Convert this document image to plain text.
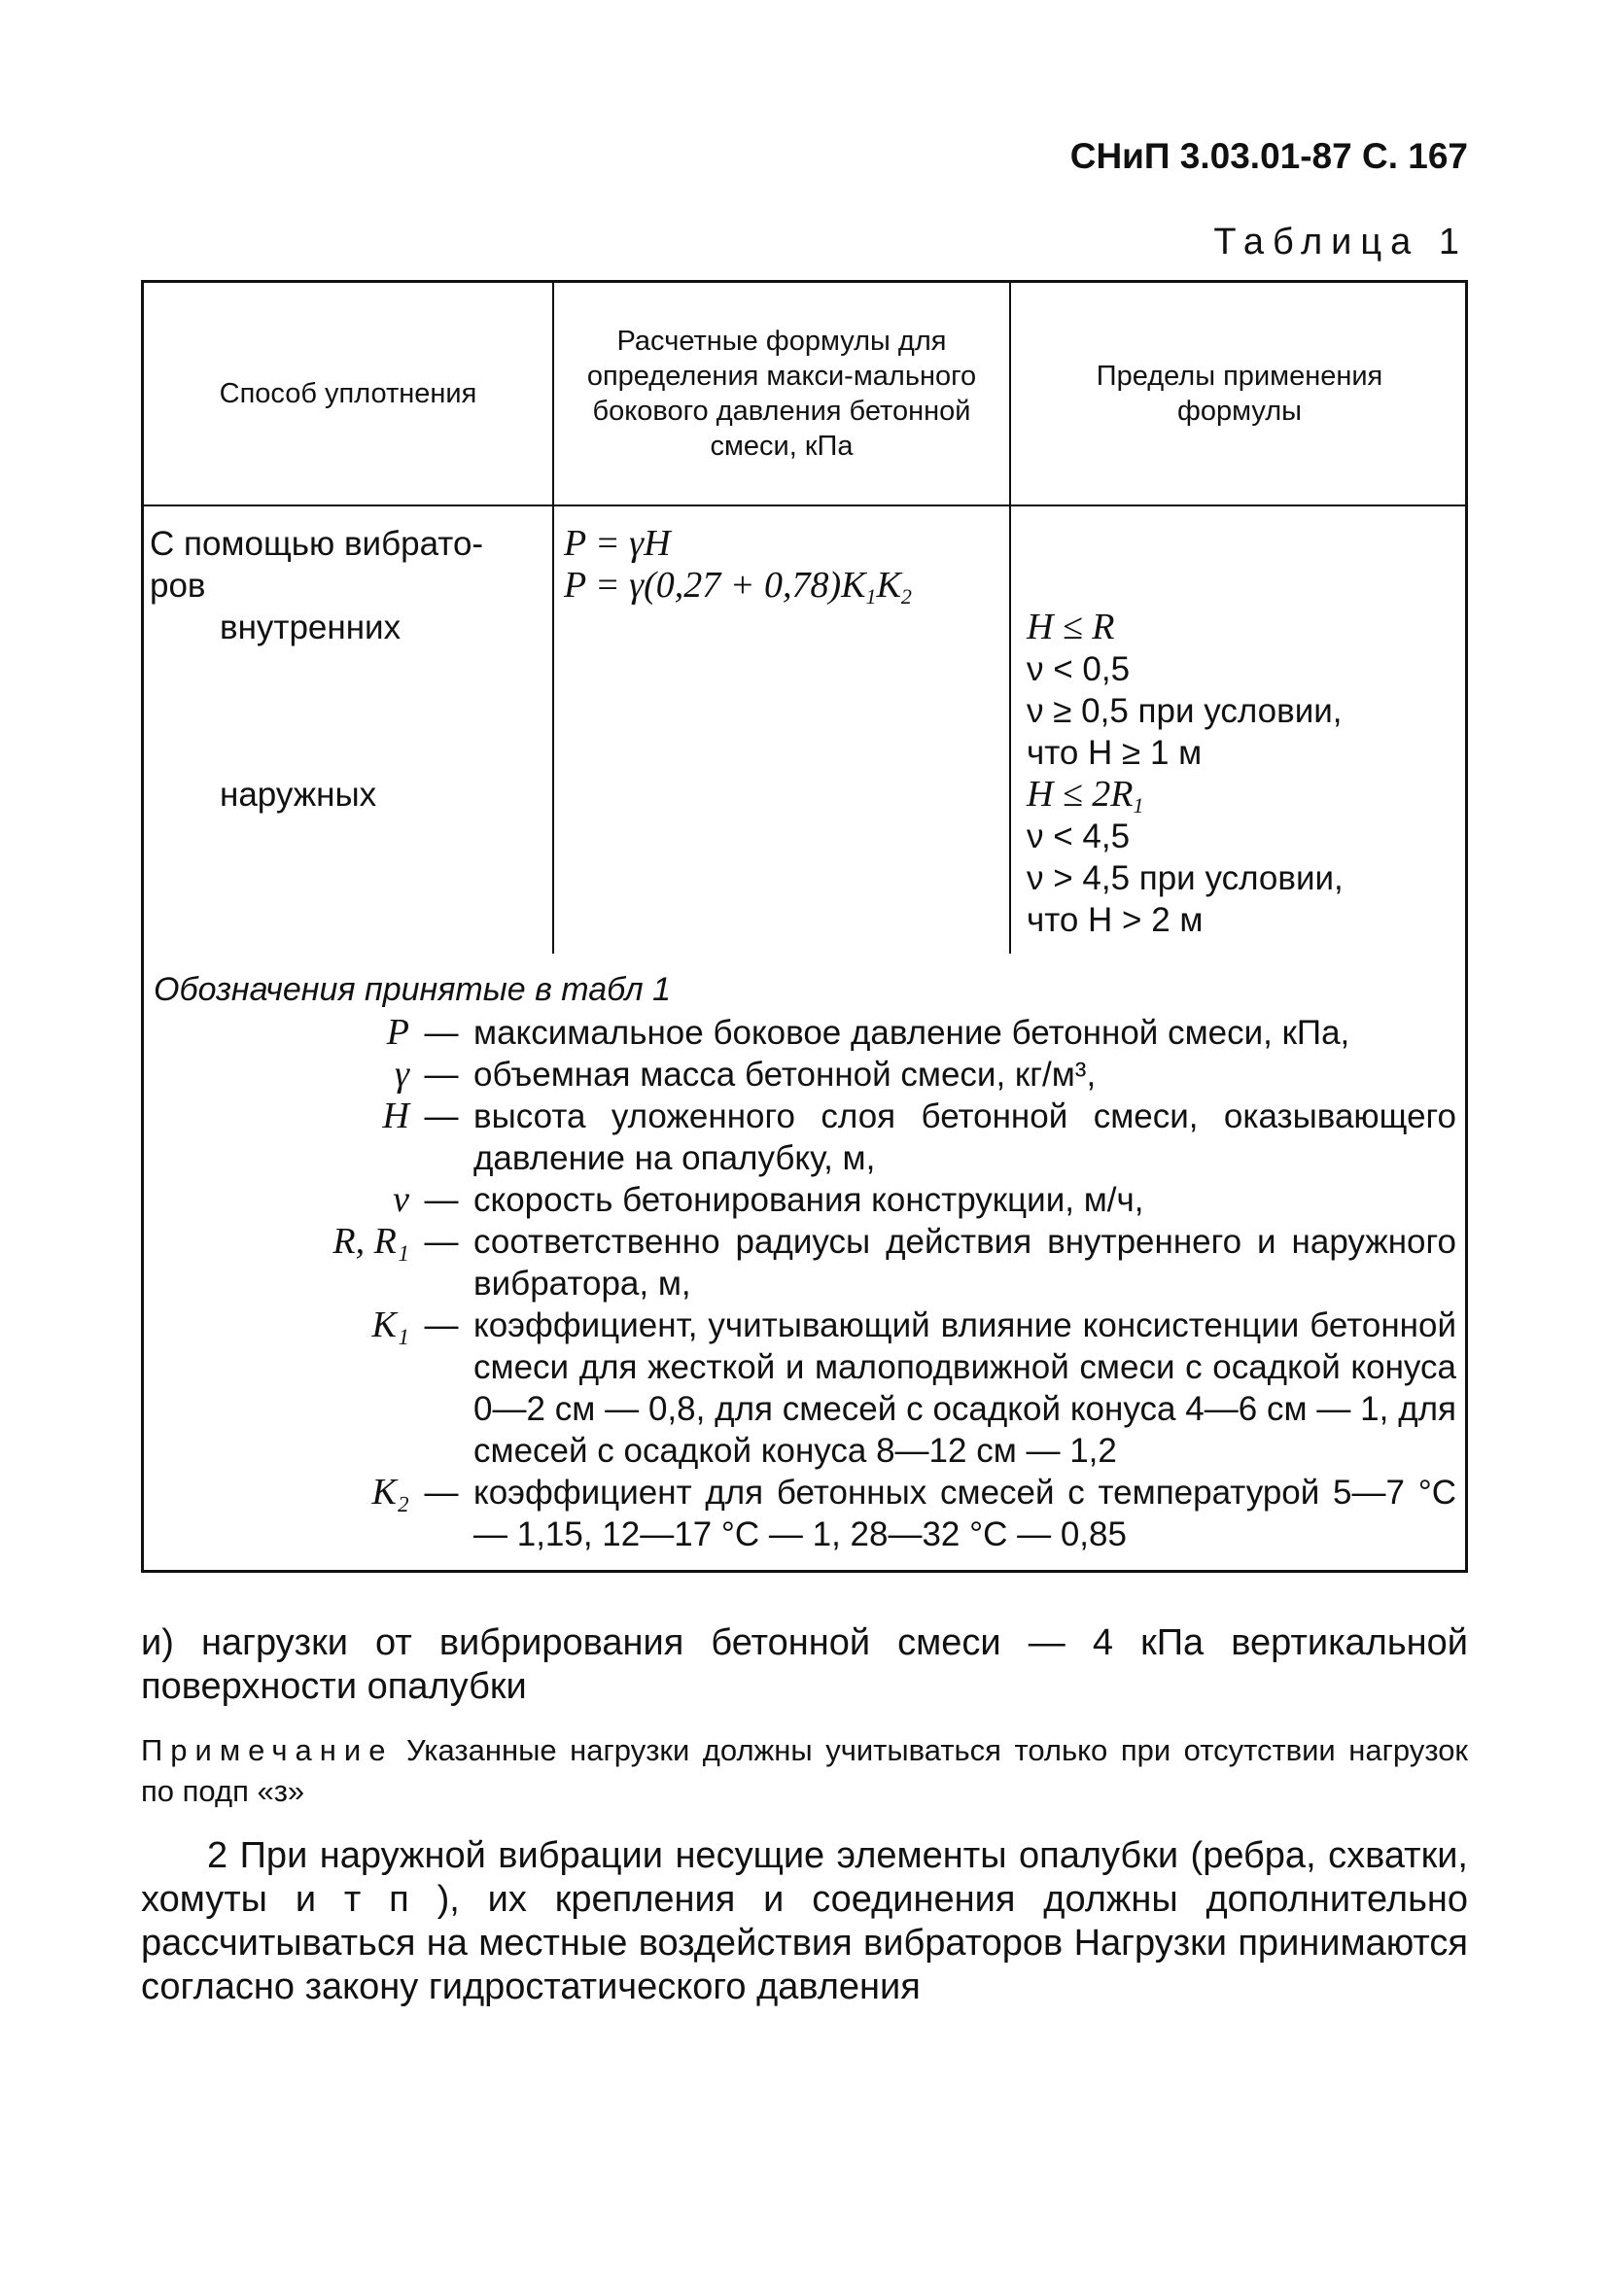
СНиП 3.03.01-87 С. 167
Таблица 1
Способ уплотнения
Расчетные формулы для определения макси-мального бокового давления бетонной смеси, кПа
Пределы применения формулы
С помощью вибрато-
ров
внутренних
наружных
P = γH
$P = \gamma(0,27 + 0,78)K_1K_2$
H ≤ R
ν < 0,5
ν ≥ 0,5 при условии,
что H ≥ 1 м
$H \le 2R_1$
ν < 4,5
ν > 4,5 при условии,
что H > 2 м
Обозначения принятые в табл 1
P — максимальное боковое давление бетонной смеси, кПа,
γ — объемная масса бетонной смеси, кг/м³,
H — высота уложенного слоя бетонной смеси, оказывающего давление на опалубку, м,
ν — скорость бетонирования конструкции, м/ч,
R, R₁ — соответственно радиусы действия внутреннего и наружного вибратора, м,
K₁ — коэффициент, учитывающий влияние консистенции бетонной смеси для жесткой и малоподвижной смеси с осадкой конуса 0—2 см — 0,8, для смесей с осадкой конуса 4—6 см — 1, для смесей с осадкой конуса 8—12 см — 1,2
K₂ — коэффициент для бетонных смесей с температурой 5—7 °С — 1,15, 12—17 °С — 1, 28—32 °С — 0,85
и) нагрузки от вибрирования бетонной смеси — 4 кПа вертикальной поверхности опалубки
Примечание Указанные нагрузки должны учитываться только при отсутствии нагрузок по подп «з»
2 При наружной вибрации несущие элементы опалубки (ребра, схватки, хомуты и т п ), их крепления и соединения должны дополнительно рассчитываться на местные воздействия вибраторов Нагрузки принимаются согласно закону гидростатического давления
